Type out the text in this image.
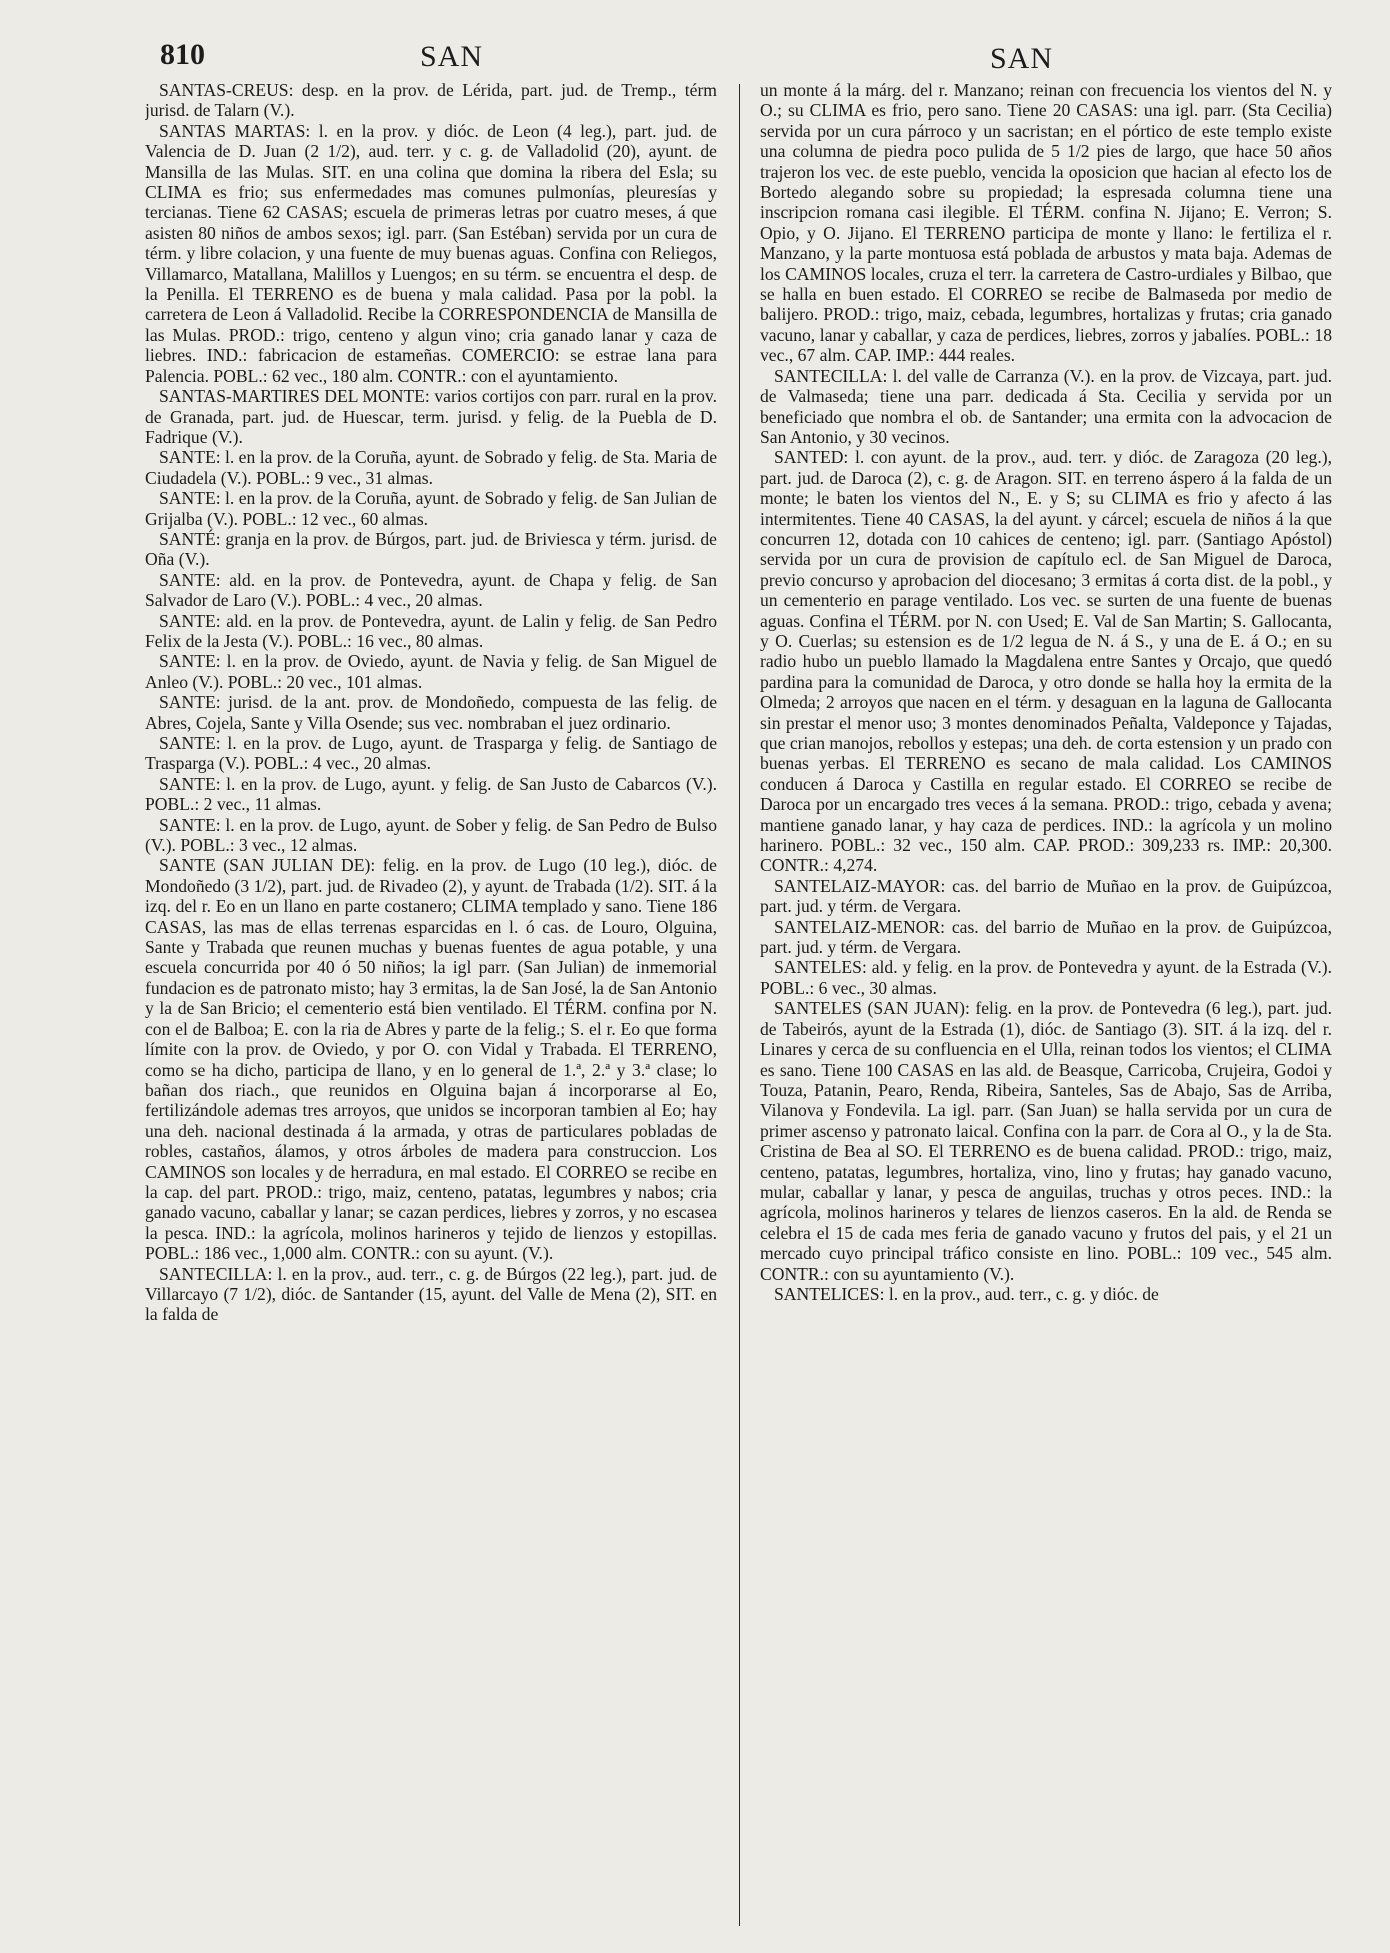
810	SAN	SAN

SANTAS-CREUS: desp. en la prov. de Lérida, part. jud. de Tremp., térm jurisd. de Talarn (V.).

SANTAS MARTAS: l. en la prov. y dióc. de Leon (4 leg.), part. jud. de Valencia de D. Juan (2 1/2), aud. terr. y c. g. de Valladolid (20), ayunt. de Mansilla de las Mulas. SIT. en una colina que domina la ribera del Esla; su CLIMA es frio; sus enfermedades mas comunes pulmonías, pleuresías y tercianas. Tiene 62 CASAS; escuela de primeras letras por cuatro meses, á que asisten 80 niños de ambos sexos; igl. parr. (San Estéban) servida por un cura de térm. y libre colacion, y una fuente de muy buenas aguas. Confina con Reliegos, Villamarco, Matallana, Malillos y Luengos; en su térm. se encuentra el desp. de la Penilla. El TERRENO es de buena y mala calidad. Pasa por la pobl. la carretera de Leon á Valladolid. Recibe la CORRESPONDENCIA de Mansilla de las Mulas. PROD.: trigo, centeno y algun vino; cria ganado lanar y caza de liebres. IND.: fabricacion de estameñas. COMERCIO: se estrae lana para Palencia. POBL.: 62 vec., 180 alm. CONTR.: con el ayuntamiento.

SANTAS-MARTIRES DEL MONTE: varios cortijos con parr. rural en la prov. de Granada, part. jud. de Huescar, term. jurisd. y felig. de la Puebla de D. Fadrique (V.).

SANTE: l. en la prov. de la Coruña, ayunt. de Sobrado y felig. de Sta. Maria de Ciudadela (V.). POBL.: 9 vec., 31 almas.

SANTE: l. en la prov. de la Coruña, ayunt. de Sobrado y felig. de San Julian de Grijalba (V.). POBL.: 12 vec., 60 almas.

SANTÉ: granja en la prov. de Búrgos, part. jud. de Briviesca y térm. jurisd. de Oña (V.).

SANTE: ald. en la prov. de Pontevedra, ayunt. de Chapa y felig. de San Salvador de Laro (V.). POBL.: 4 vec., 20 almas.

SANTE: ald. en la prov. de Pontevedra, ayunt. de Lalin y felig. de San Pedro Felix de la Jesta (V.). POBL.: 16 vec., 80 almas.

SANTE: l. en la prov. de Oviedo, ayunt. de Navia y felig. de San Miguel de Anleo (V.). POBL.: 20 vec., 101 almas.

SANTE: jurisd. de la ant. prov. de Mondoñedo, compuesta de las felig. de Abres, Cojela, Sante y Villa Osende; sus vec. nombraban el juez ordinario.

SANTE: l. en la prov. de Lugo, ayunt. de Trasparga y felig. de Santiago de Trasparga (V.). POBL.: 4 vec., 20 almas.

SANTE: l. en la prov. de Lugo, ayunt. y felig. de San Justo de Cabarcos (V.). POBL.: 2 vec., 11 almas.

SANTE: l. en la prov. de Lugo, ayunt. de Sober y felig. de San Pedro de Bulso (V.). POBL.: 3 vec., 12 almas.

SANTE (SAN JULIAN DE): felig. en la prov. de Lugo (10 leg.), dióc. de Mondoñedo (3 1/2), part. jud. de Rivadeo (2), y ayunt. de Trabada (1/2). SIT. á la izq. del r. Eo en un llano en parte costanero; CLIMA templado y sano. Tiene 186 CASAS, las mas de ellas terrenas esparcidas en l. ó cas. de Louro, Olguina, Sante y Trabada que reunen muchas y buenas fuentes de agua potable, y una escuela concurrida por 40 ó 50 niños; la igl parr. (San Julian) de inmemorial fundacion es de patronato misto; hay 3 ermitas, la de San José, la de San Antonio y la de San Bricio; el cementerio está bien ventilado. El TÉRM. confina por N. con el de Balboa; E. con la ria de Abres y parte de la felig.; S. el r. Eo que forma límite con la prov. de Oviedo, y por O. con Vidal y Trabada. El TERRENO, como se ha dicho, participa de llano, y en lo general de 1.ª, 2.ª y 3.ª clase; lo bañan dos riach., que reunidos en Olguina bajan á incorporarse al Eo, fertilizándole ademas tres arroyos, que unidos se incorporan tambien al Eo; hay una deh. nacional destinada á la armada, y otras de particulares pobladas de robles, castaños, álamos, y otros árboles de madera para construccion. Los CAMINOS son locales y de herradura, en mal estado. El CORREO se recibe en la cap. del part. PROD.: trigo, maiz, centeno, patatas, legumbres y nabos; cria ganado vacuno, caballar y lanar; se cazan perdices, liebres y zorros, y no escasea la pesca. IND.: la agrícola, molinos harineros y tejido de lienzos y estopillas. POBL.: 186 vec., 1,000 alm. CONTR.: con su ayunt. (V.).

SANTECILLA: l. en la prov., aud. terr., c. g. de Búrgos (22 leg.), part. jud. de Villarcayo (7 1/2), dióc. de Santander (15, ayunt. del Valle de Mena (2), SIT. en la falda de

un monte á la márg. del r. Manzano; reinan con frecuencia los vientos del N. y O.; su CLIMA es frio, pero sano. Tiene 20 CASAS: una igl. parr. (Sta Cecilia) servida por un cura párroco y un sacristan; en el pórtico de este templo existe una columna de piedra poco pulida de 5 1/2 pies de largo, que hace 50 años trajeron los vec. de este pueblo, vencida la oposicion que hacian al efecto los de Bortedo alegando sobre su propiedad; la espresada columna tiene una inscripcion romana casi ilegible. El TÉRM. confina N. Jijano; E. Verron; S. Opio, y O. Jijano. El TERRENO participa de monte y llano: le fertiliza el r. Manzano, y la parte montuosa está poblada de arbustos y mata baja. Ademas de los CAMINOS locales, cruza el terr. la carretera de Castro-urdiales y Bilbao, que se halla en buen estado. El CORREO se recibe de Balmaseda por medio de balijero. PROD.: trigo, maiz, cebada, legumbres, hortalizas y frutas; cria ganado vacuno, lanar y caballar, y caza de perdices, liebres, zorros y jabalíes. POBL.: 18 vec., 67 alm. CAP. IMP.: 444 reales.

SANTECILLA: l. del valle de Carranza (V.). en la prov. de Vizcaya, part. jud. de Valmaseda; tiene una parr. dedicada á Sta. Cecilia y servida por un beneficiado que nombra el ob. de Santander; una ermita con la advocacion de San Antonio, y 30 vecinos.

SANTED: l. con ayunt. de la prov., aud. terr. y dióc. de Zaragoza (20 leg.), part. jud. de Daroca (2), c. g. de Aragon. SIT. en terreno áspero á la falda de un monte; le baten los vientos del N., E. y S; su CLIMA es frio y afecto á las intermitentes. Tiene 40 CASAS, la del ayunt. y cárcel; escuela de niños á la que concurren 12, dotada con 10 cahices de centeno; igl. parr. (Santiago Apóstol) servida por un cura de provision de capítulo ecl. de San Miguel de Daroca, previo concurso y aprobacion del diocesano; 3 ermitas á corta dist. de la pobl., y un cementerio en parage ventilado. Los vec. se surten de una fuente de buenas aguas. Confina el TÉRM. por N. con Used; E. Val de San Martin; S. Gallocanta, y O. Cuerlas; su estension es de 1/2 legua de N. á S., y una de E. á O.; en su radio hubo un pueblo llamado la Magdalena entre Santes y Orcajo, que quedó pardina para la comunidad de Daroca, y otro donde se halla hoy la ermita de la Olmeda; 2 arroyos que nacen en el térm. y desaguan en la laguna de Gallocanta sin prestar el menor uso; 3 montes denominados Peñalta, Valdeponce y Tajadas, que crian manojos, rebollos y estepas; una deh. de corta estension y un prado con buenas yerbas. El TERRENO es secano de mala calidad. Los CAMINOS conducen á Daroca y Castilla en regular estado. El CORREO se recibe de Daroca por un encargado tres veces á la semana. PROD.: trigo, cebada y avena; mantiene ganado lanar, y hay caza de perdices. IND.: la agrícola y un molino harinero. POBL.: 32 vec., 150 alm. CAP. PROD.: 309,233 rs. IMP.: 20,300. CONTR.: 4,274.

SANTELAIZ-MAYOR: cas. del barrio de Muñao en la prov. de Guipúzcoa, part. jud. y térm. de Vergara.

SANTELAIZ-MENOR: cas. del barrio de Muñao en la prov. de Guipúzcoa, part. jud. y térm. de Vergara.

SANTELES: ald. y felig. en la prov. de Pontevedra y ayunt. de la Estrada (V.). POBL.: 6 vec., 30 almas.

SANTELES (SAN JUAN): felig. en la prov. de Pontevedra (6 leg.), part. jud. de Tabeirós, ayunt de la Estrada (1), dióc. de Santiago (3). SIT. á la izq. del r. Linares y cerca de su confluencia en el Ulla, reinan todos los vientos; el CLIMA es sano. Tiene 100 CASAS en las ald. de Beasque, Carricoba, Crujeira, Godoi y Touza, Patanin, Pearo, Renda, Ribeira, Santeles, Sas de Abajo, Sas de Arriba, Vilanova y Fondevila. La igl. parr. (San Juan) se halla servida por un cura de primer ascenso y patronato laical. Confina con la parr. de Cora al O., y la de Sta. Cristina de Bea al SO. El TERRENO es de buena calidad. PROD.: trigo, maiz, centeno, patatas, legumbres, hortaliza, vino, lino y frutas; hay ganado vacuno, mular, caballar y lanar, y pesca de anguilas, truchas y otros peces. IND.: la agrícola, molinos harineros y telares de lienzos caseros. En la ald. de Renda se celebra el 15 de cada mes feria de ganado vacuno y frutos del pais, y el 21 un mercado cuyo principal tráfico consiste en lino. POBL.: 109 vec., 545 alm. CONTR.: con su ayuntamiento (V.).

SANTELICES: l. en la prov., aud. terr., c. g. y dióc. de
